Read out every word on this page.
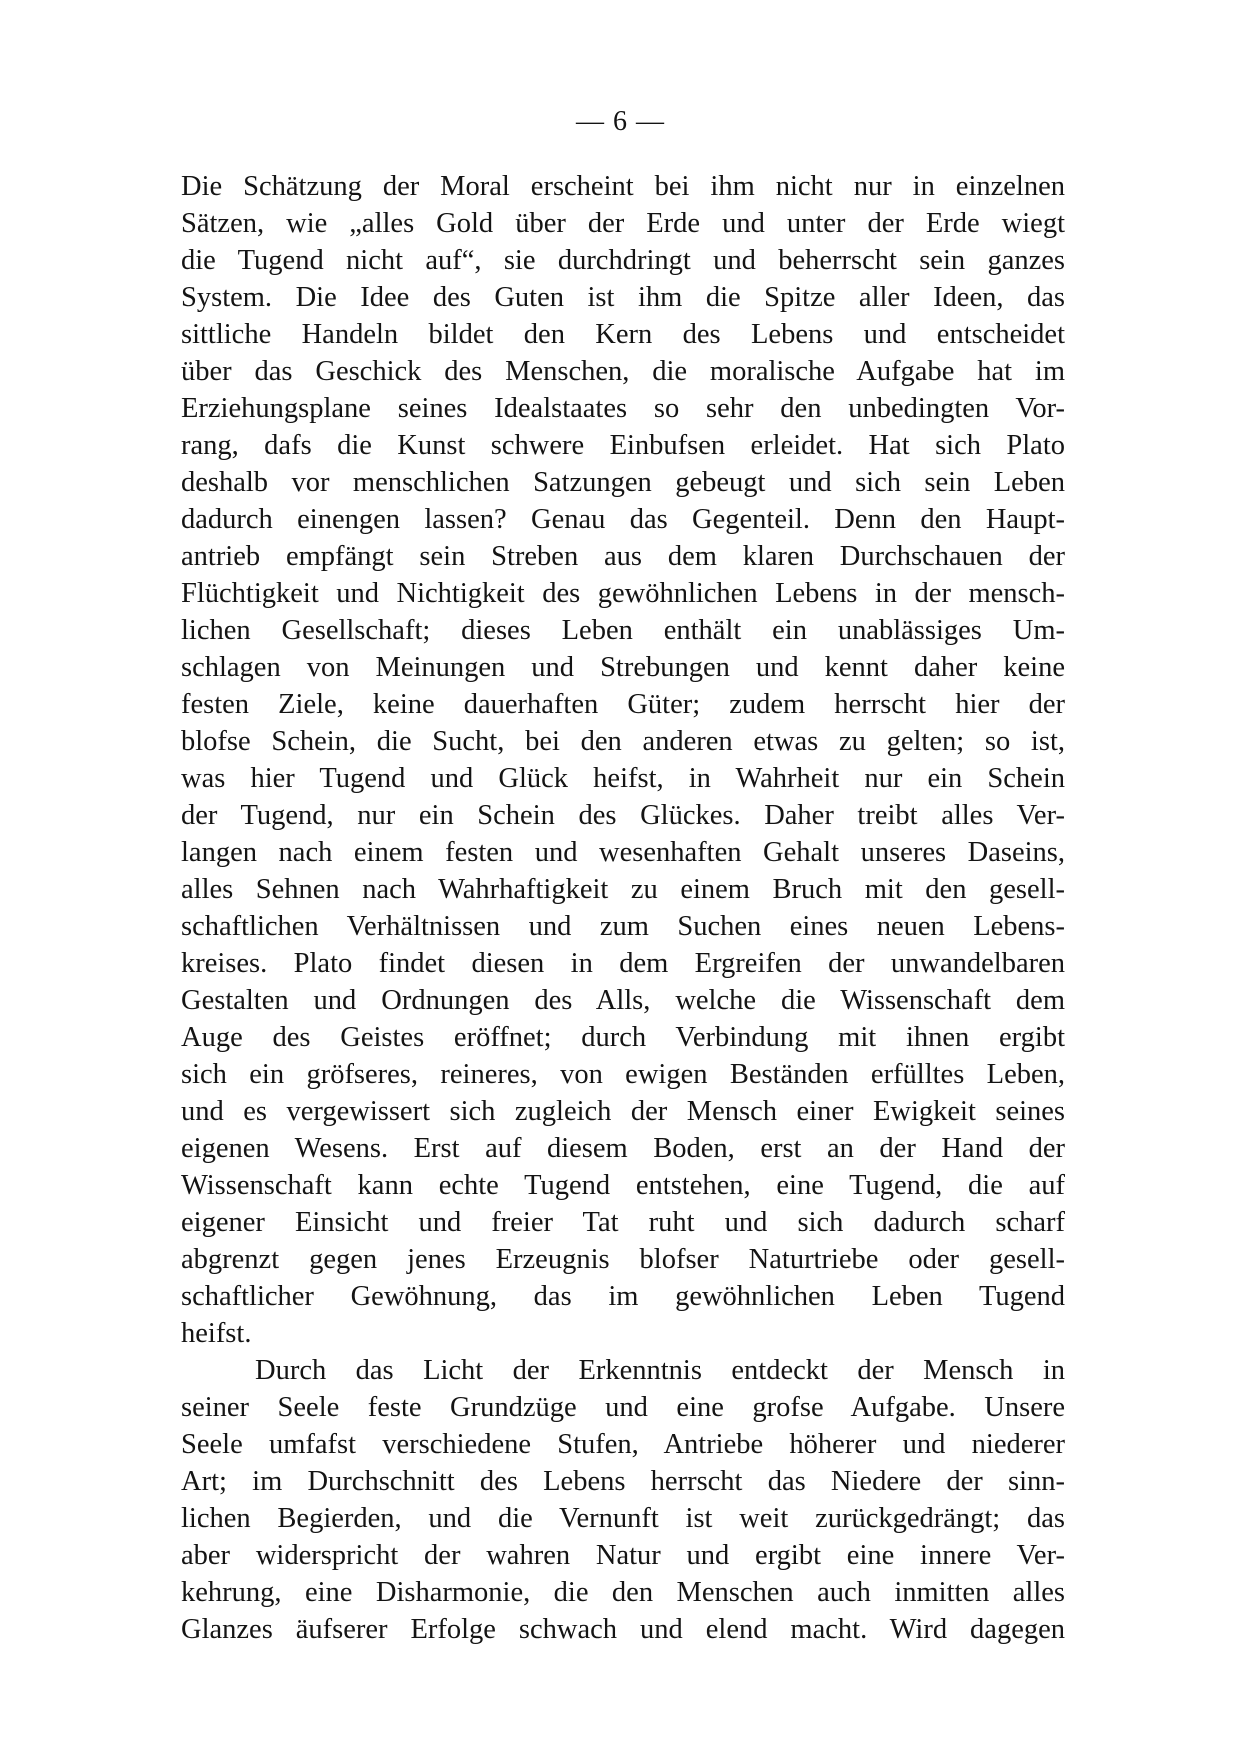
— 6 —

Die Schätzung der Moral erscheint bei ihm nicht nur in einzelnen
Sätzen, wie „alles Gold über der Erde und unter der Erde wiegt
die Tugend nicht auf“, sie durchdringt und beherrscht sein ganzes
System. Die Idee des Guten ist ihm die Spitze aller Ideen, das
sittliche Handeln bildet den Kern des Lebens und entscheidet
über das Geschick des Menschen, die moralische Aufgabe hat im
Erziehungsplane seines Idealstaates so sehr den unbedingten Vor-
rang, dafs die Kunst schwere Einbufsen erleidet. Hat sich Plato
deshalb vor menschlichen Satzungen gebeugt und sich sein Leben
dadurch einengen lassen? Genau das Gegenteil. Denn den Haupt-
antrieb empfängt sein Streben aus dem klaren Durchschauen der
Flüchtigkeit und Nichtigkeit des gewöhnlichen Lebens in der mensch-
lichen Gesellschaft; dieses Leben enthält ein unablässiges Um-
schlagen von Meinungen und Strebungen und kennt daher keine
festen Ziele, keine dauerhaften Güter; zudem herrscht hier der
blofse Schein, die Sucht, bei den anderen etwas zu gelten; so ist,
was hier Tugend und Glück heifst, in Wahrheit nur ein Schein
der Tugend, nur ein Schein des Glückes. Daher treibt alles Ver-
langen nach einem festen und wesenhaften Gehalt unseres Daseins,
alles Sehnen nach Wahrhaftigkeit zu einem Bruch mit den gesell-
schaftlichen Verhältnissen und zum Suchen eines neuen Lebens-
kreises. Plato findet diesen in dem Ergreifen der unwandelbaren
Gestalten und Ordnungen des Alls, welche die Wissenschaft dem
Auge des Geistes eröffnet; durch Verbindung mit ihnen ergibt
sich ein gröfseres, reineres, von ewigen Beständen erfülltes Leben,
und es vergewissert sich zugleich der Mensch einer Ewigkeit seines
eigenen Wesens. Erst auf diesem Boden, erst an der Hand der
Wissenschaft kann echte Tugend entstehen, eine Tugend, die auf
eigener Einsicht und freier Tat ruht und sich dadurch scharf
abgrenzt gegen jenes Erzeugnis blofser Naturtriebe oder gesell-
schaftlicher Gewöhnung, das im gewöhnlichen Leben Tugend
heifst.

Durch das Licht der Erkenntnis entdeckt der Mensch in
seiner Seele feste Grundzüge und eine grofse Aufgabe. Unsere
Seele umfafst verschiedene Stufen, Antriebe höherer und niederer
Art; im Durchschnitt des Lebens herrscht das Niedere der sinn-
lichen Begierden, und die Vernunft ist weit zurückgedrängt; das
aber widerspricht der wahren Natur und ergibt eine innere Ver-
kehrung, eine Disharmonie, die den Menschen auch inmitten alles
Glanzes äufserer Erfolge schwach und elend macht. Wird dagegen
